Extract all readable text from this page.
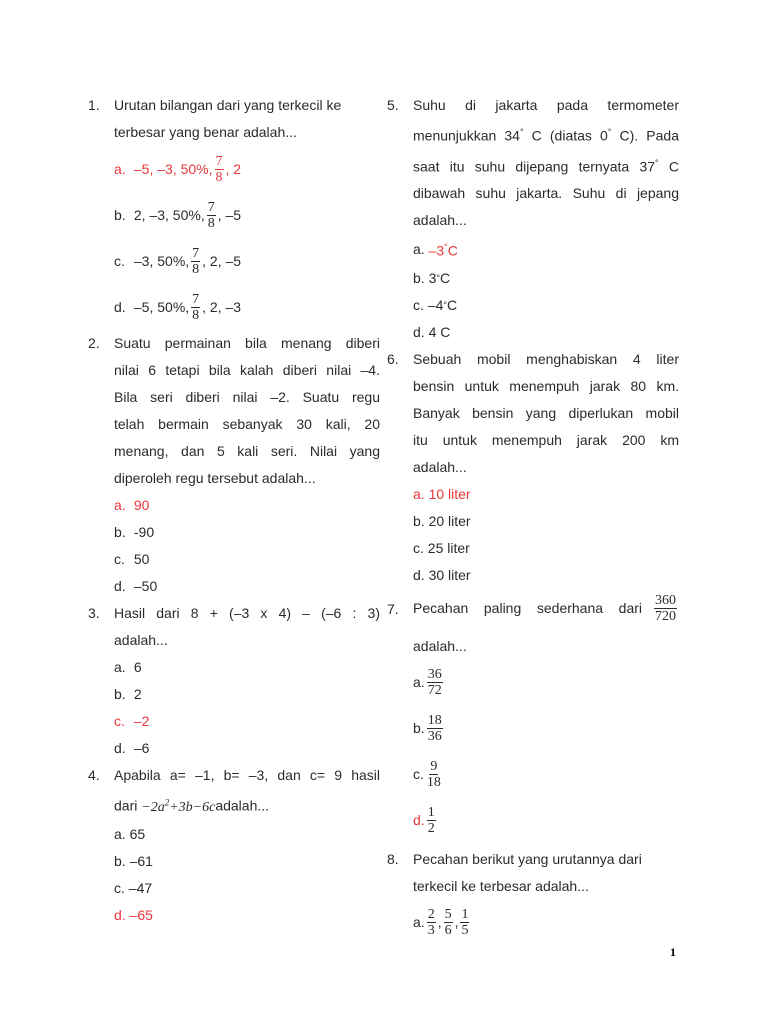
1. Urutan bilangan dari yang terkecil ke
terbesar yang benar adalah...
a.
–5, –3, 50%, $\frac{7}{8}$ , 2
b.
2, –3, 50%, $\frac{7}{8}$ , –5
c.
–3, 50%, $\frac{7}{8}$ , 2, –5
d.
–5, 50%, $\frac{7}{8}$ , 2, –3
2. Suatu permainan bila menang diberi
nilai 6 tetapi bila kalah diberi nilai –4.
Bila seri diberi nilai –2. Suatu regu
telah bermain sebanyak 30 kali, 20
menang, dan 5 kali seri. Nilai yang
diperoleh regu tersebut adalah...
a.
90
b.
-90
c.
50
d.
–50
3. Hasil dari 8 + (–3 x 4) – (–6 : 3)
adalah...
a.
6
b.
2
c.
–2
d.
–6
4. Apabila a= –1, b= –3, dan c= 9 hasil
dari $-2a^2+3b-6cadalah$...
a.
65
b.
–61
c.
–47
d.
–65
5. Suhu di jakarta pada termometer
menunjukkan 34° C (diatas 0° C). Pada
saat itu suhu dijepang ternyata 37° C
dibawah suhu jakarta. Suhu di jepang
adalah...
a.
–3°C
b.
3 ° C
c.
–4 ° C
d.
4 C
6. Sebuah mobil menghabiskan 4 liter
bensin untuk menempuh jarak 80 km.
Banyak bensin yang diperlukan mobil
itu untuk menempuh jarak 200 km
adalah...
a.
10 liter
b.
20 liter
c.
25 liter
d.
30 liter
7. Pecahan paling sederhana dari $\frac{360}{720}$
adalah...
a. $\frac{36}{72}$
b. $\frac{18}{36}$
c. $\frac{9}{18}$
d. $\frac{1}{2}$
8. Pecahan berikut yang urutannya dari
terkecil ke terbesar adalah...
a. $\frac{2}{3}$ , $\frac{5}{6}$ , $\frac{1}{5}$
1
